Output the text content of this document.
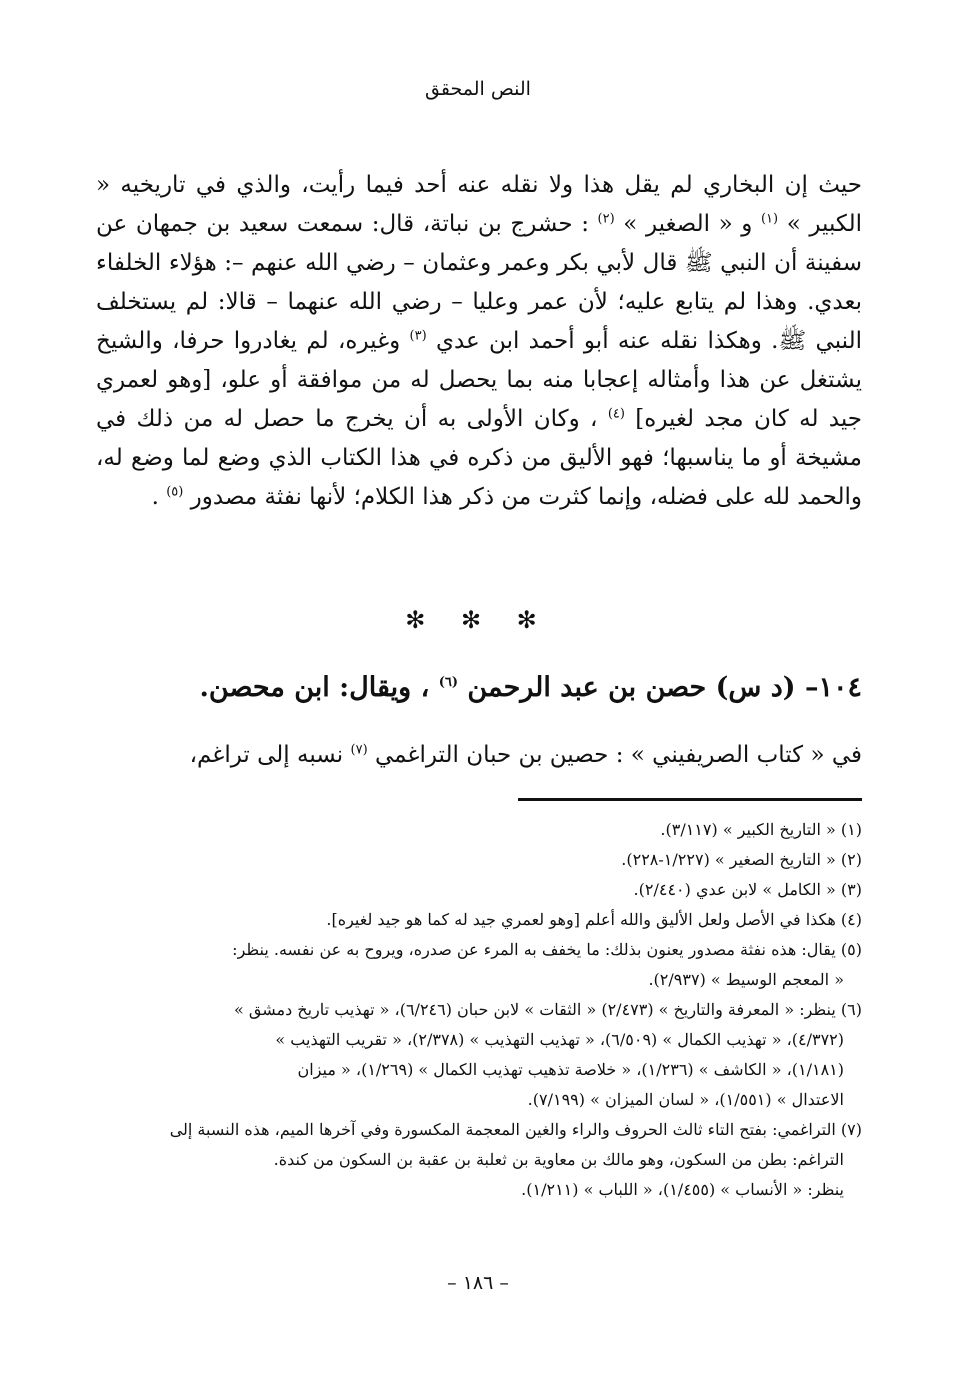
النص المحقق

حيث إن البخاري لم يقل هذا ولا نقله عنه أحد فيما رأيت، والذي في تاريخيه « الكبير » $^{(١)}$ و « الصغير » $^{(٢)}$ : حشرج بن نباتة، قال: سمعت سعيد بن جمهان عن سفينة أن النبي ﷺ قال لأبي بكر وعمر وعثمان – رضي الله عنهم –: هؤلاء الخلفاء بعدي. وهذا لم يتابع عليه؛ لأن عمر وعليا – رضي الله عنهما – قالا: لم يستخلف النبي ﷺ. وهكذا نقله عنه أبو أحمد ابن عدي $^{(٣)}$ وغيره، لم يغادروا حرفا، والشيخ يشتغل عن هذا وأمثاله إعجابا منه بما يحصل له من موافقة أو علو، [وهو لعمري جيد له كان مجد لغيره] $^{(٤)}$ ، وكان الأولى به أن يخرج ما حصل له من ذلك في مشيخة أو ما يناسبها؛ فهو الأليق من ذكره في هذا الكتاب الذي وضع لما وضع له، والحمد لله على فضله، وإنما كثرت من ذكر هذا الكلام؛ لأنها نفثة مصدور $^{(٥)}$ .

✻ ✻ ✻
١٠٤– (د س) حصن بن عبد الرحمن $^{(٦)}$ ، ويقال: ابن محصن.
في « كتاب الصريفيني » : حصين بن حبان التراغمي $^{(٧)}$ نسبه إلى تراغم،

(١) « التاريخ الكبير » (٣/١١٧).

(٢) « التاريخ الصغير » (١/٢٢٧-٢٢٨).

(٣) « الكامل » لابن عدي (٢/٤٤٠).

(٤) هكذا في الأصل ولعل الأليق والله أعلم [وهو لعمري جيد له كما هو جيد لغيره].

(٥) يقال: هذه نفثة مصدور يعنون بذلك: ما يخفف به المرء عن صدره، ويروح به عن نفسه. ينظر:

« المعجم الوسيط » (٢/٩٣٧).

(٦) ينظر: « المعرفة والتاريخ » (٢/٤٧٣) « الثقات » لابن حبان (٦/٢٤٦)، « تهذيب تاريخ دمشق »

(٤/٣٧٢)، « تهذيب الكمال » (٦/٥٠٩)، « تهذيب التهذيب » (٢/٣٧٨)، « تقريب التهذيب »

(١/١٨١)، « الكاشف » (١/٢٣٦)، « خلاصة تذهيب تهذيب الكمال » (١/٢٦٩)، « ميزان

الاعتدال » (١/٥٥١)، « لسان الميزان » (٧/١٩٩).

(٧) التراغمي: بفتح التاء ثالث الحروف والراء والغين المعجمة المكسورة وفي آخرها الميم، هذه النسبة إلى

التراغم: بطن من السكون، وهو مالك بن معاوية بن ثعلبة بن عقبة بن السكون من كندة.

ينظر: « الأنساب » (١/٤٥٥)، « اللباب » (١/٢١١).

– ١٨٦ –
